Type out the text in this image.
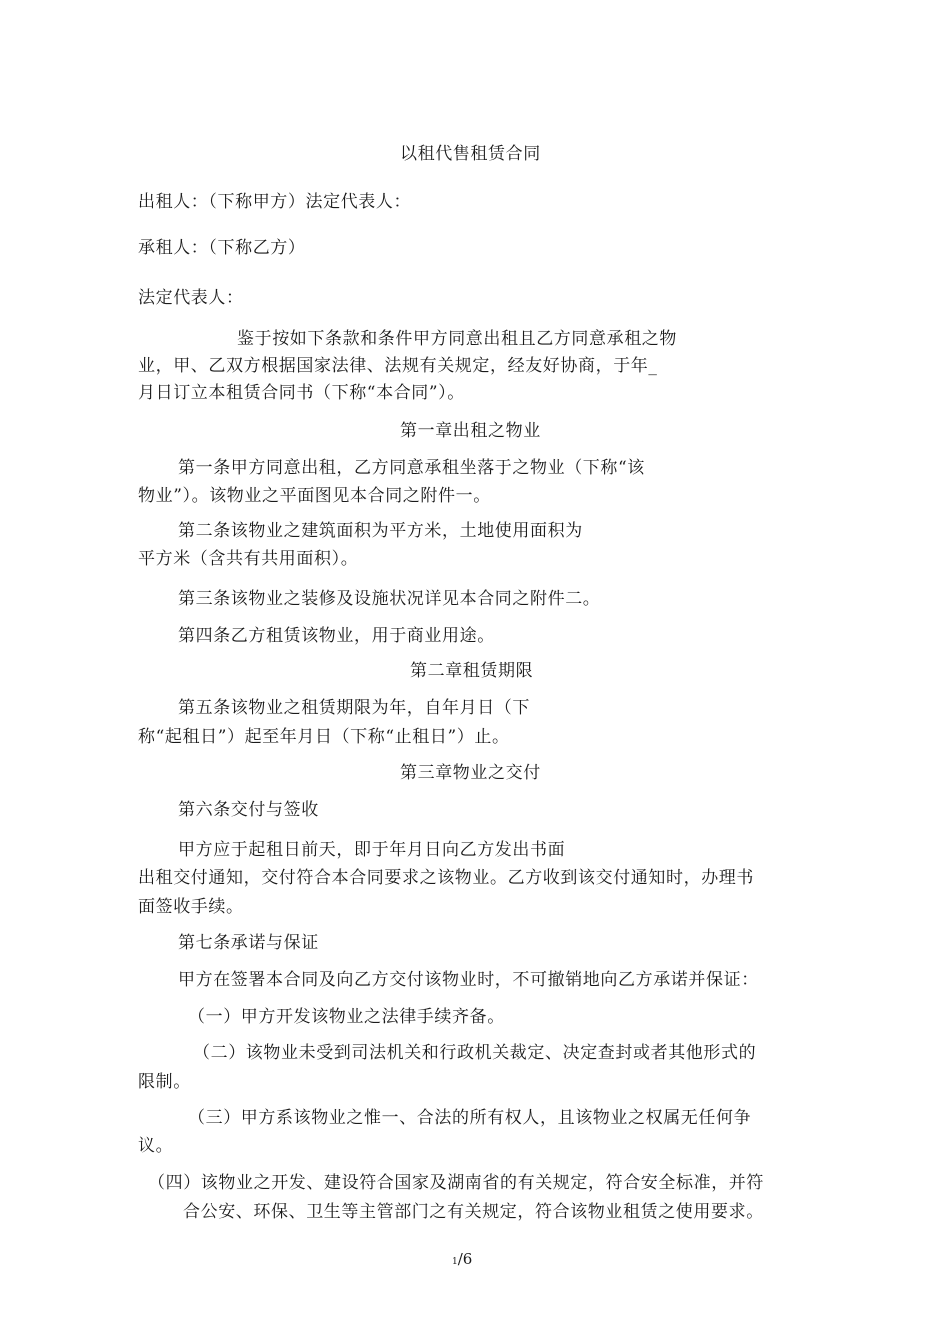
以租代售租赁合同
出租人：（下称甲方）法定代表人：
承租人：（下称乙方）
法定代表人：
鉴于按如下条款和条件甲方同意出租且乙方同意承租之物
业，甲、乙双方根据国家法律、法规有关规定，经友好协商，于年_
月日订立本租赁合同书（下称“本合同”）。
第一章出租之物业
第一条甲方同意出租，乙方同意承租坐落于之物业（下称“该
物业”）。该物业之平面图见本合同之附件一。
第二条该物业之建筑面积为平方米，土地使用面积为
平方米（含共有共用面积）。
第三条该物业之装修及设施状况详见本合同之附件二。
第四条乙方租赁该物业，用于商业用途。
第二章租赁期限
第五条该物业之租赁期限为年，自年月日（下
称“起租日”）起至年月日（下称“止租日”）止。
第三章物业之交付
第六条交付与签收
甲方应于起租日前天，即于年月日向乙方发出书面
出租交付通知，交付符合本合同要求之该物业。乙方收到该交付通知时，办理书
面签收手续。
第七条承诺与保证
甲方在签署本合同及向乙方交付该物业时，不可撤销地向乙方承诺并保证：
（一）甲方开发该物业之法律手续齐备。
（二）该物业未受到司法机关和行政机关裁定、决定查封或者其他形式的
限制。
（三）甲方系该物业之惟一、合法的所有权人，且该物业之权属无任何争
议。
（四）该物业之开发、建设符合国家及湖南省的有关规定，符合安全标准，并符
合公安、环保、卫生等主管部门之有关规定，符合该物业租赁之使用要求。
1/6
